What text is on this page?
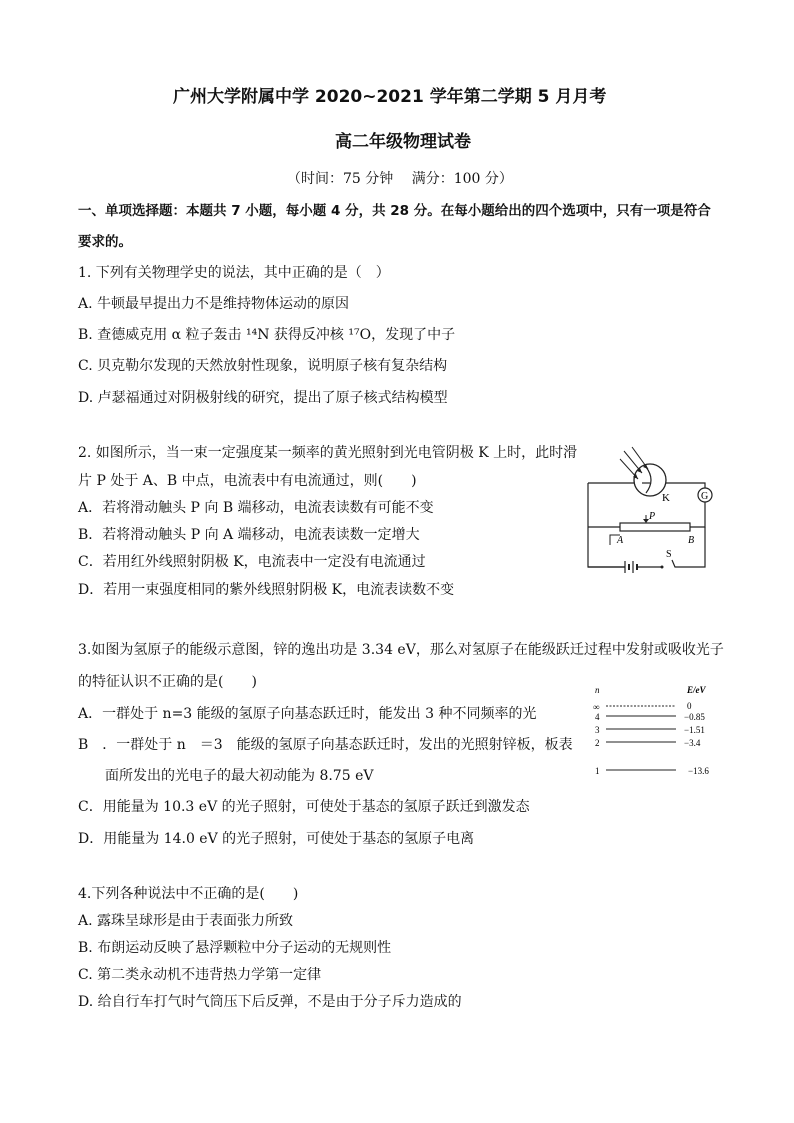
广州大学附属中学 2020~2021 学年第二学期 5 月月考
高二年级物理试卷
（时间：75 分钟　 满分：100 分）
一、单项选择题：本题共 7 小题，每小题 4 分，共 28 分。在每小题给出的四个选项中，只有一项是符合
要求的。
1. 下列有关物理学史的说法，其中正确的是（　）
A. 牛顿最早提出力不是维持物体运动的原因
B. 查德威克用 α 粒子轰击 ¹⁴N 获得反冲核 ¹⁷O，发现了中子
C. 贝克勒尔发现的天然放射性现象，说明原子核有复杂结构
D. 卢瑟福通过对阴极射线的研究，提出了原子核式结构模型
2. 如图所示，当一束一定强度某一频率的黄光照射到光电管阴极 K 上时，此时滑
片 P 处于 A、B 中点，电流表中有电流通过，则(　　)
A．若将滑动触头 P 向 B 端移动，电流表读数有可能不变
B．若将滑动触头 P 向 A 端移动，电流表读数一定增大
C．若用红外线照射阴极 K，电流表中一定没有电流通过
D．若用一束强度相同的紫外线照射阴极 K，电流表读数不变
K	G
P
A	B
S
3.如图为氢原子的能级示意图，锌的逸出功是 3.34 eV，那么对氢原子在能级跃迁过程中发射或吸收光子
的特征认识不正确的是(　　)
A．一群处于 n=3 能级的氢原子向基态跃迁时，能发出 3 种不同频率的光
B　．一群处于 n　＝3　能级的氢原子向基态跃迁时，发出的光照射锌板，板表
面所发出的光电子的最大初动能为 8.75 eV
C．用能量为 10.3 eV 的光子照射，可使处于基态的氢原子跃迁到激发态
D．用能量为 14.0 eV 的光子照射，可使处于基态的氢原子电离
n	E/eV
∞	0
4	−0.85
3	−1.51
2	−3.4
1	−13.6
4.下列各种说法中不正确的是(　　)
A. 露珠呈球形是由于表面张力所致
B. 布朗运动反映了悬浮颗粒中分子运动的无规则性
C. 第二类永动机不违背热力学第一定律
D. 给自行车打气时气筒压下后反弹，不是由于分子斥力造成的
